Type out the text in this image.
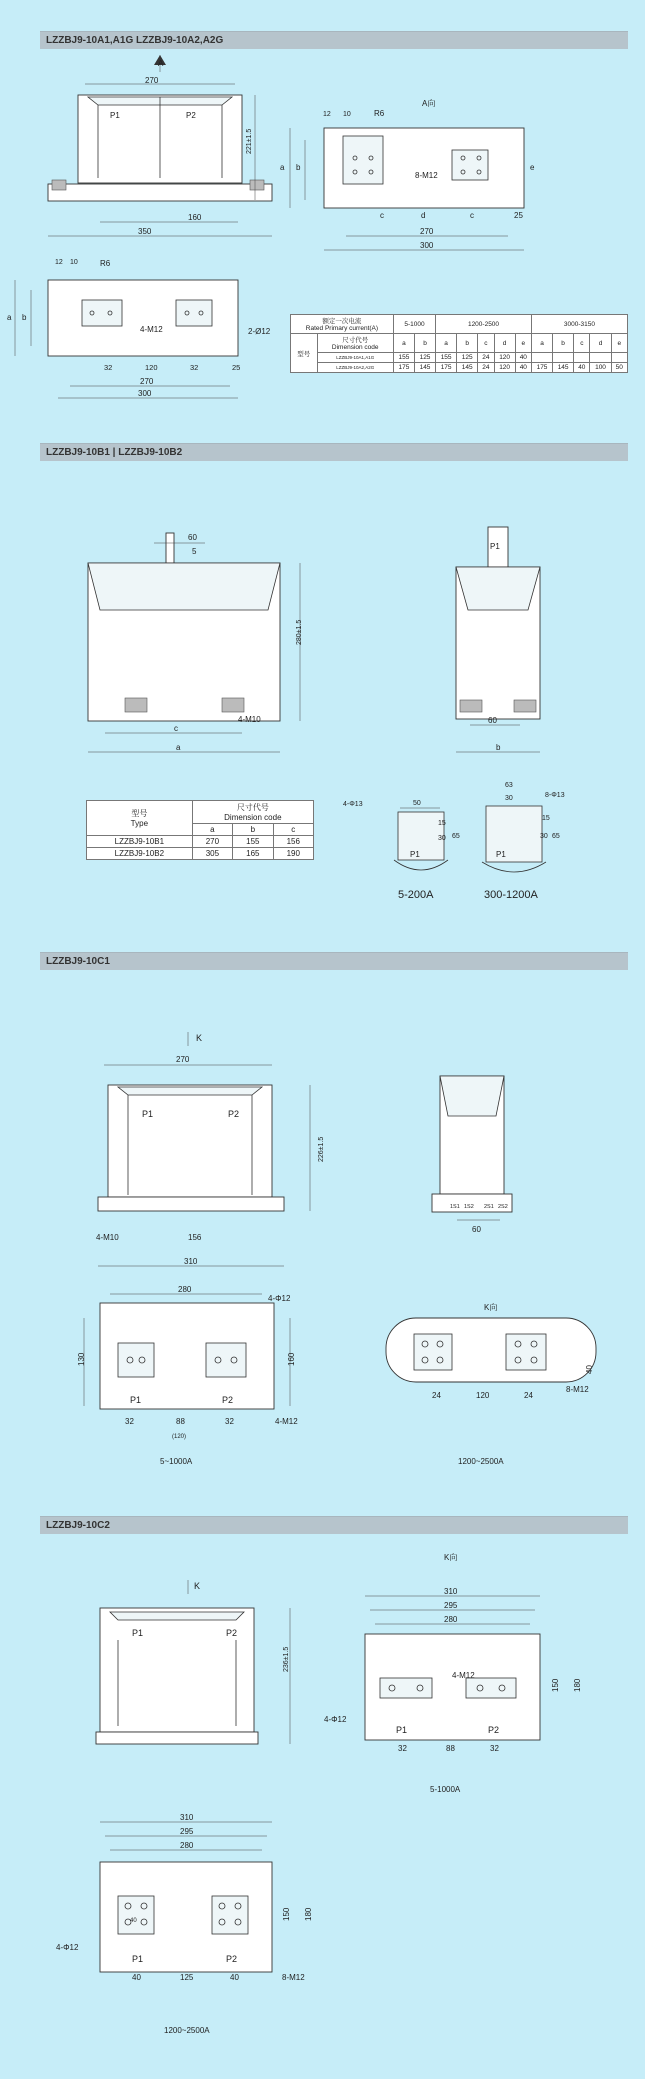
LZZBJ9-10A1,A1G LZZBJ9-10A2,A2G
LZZBJ9-10B1 | LZZBJ9-10B2
LZZBJ9-10C1
LZZBJ9-10C2
A
270
P1	P2
221±1.5
160
350
A向
12 10	R6
8-M12
e
a b
c	d	c	25
270
300
12 10	R6
4-M12	2-Ø12
a b
32	120	32	25
270
300
60
5
280±1.5
4-M10
c
a
P1
60
b
4-Φ13	50
P1
30
15
65
5-200A
63
30	8-Φ13
P1
15
30 65
300-1200A
K
270
P1	P2
226±1.5
4-M10	156
310
1S1 1S2 2S1 2S2
60
280
4-Φ12
P1	P2
130	160
32	88	32
(120)
4-M12
5~1000A
K向
40
24	120	24
8-M12
1200~2500A
K
P1	P2
236±1.5
K向
310
295
280
4-M12
4-Φ12
P1	P2
150 180
32	88	32
5-1000A
310
295
280
40
4-Φ12
P1	P2
150 180
40	125	40	8-M12
1200~2500A
额定一次电流
Rated Primary current(A)		5-1000		1200-2500					3000-3150				
型号	尺寸代号
Dimension code	a	b	a	b	c	d	e	a	b	c	d	e
	LZZBJ9-10A1,A1G	155	125	155	125	24	120	40					
	LZZBJ9-10A2,A2G	175	145	175	145	24	120	40	175	145	40	100	50
型号
Type	尺寸代号
Dimension code		
	a	b	c
LZZBJ9-10B1	270	155	156
LZZBJ9-10B2	305	165	190
